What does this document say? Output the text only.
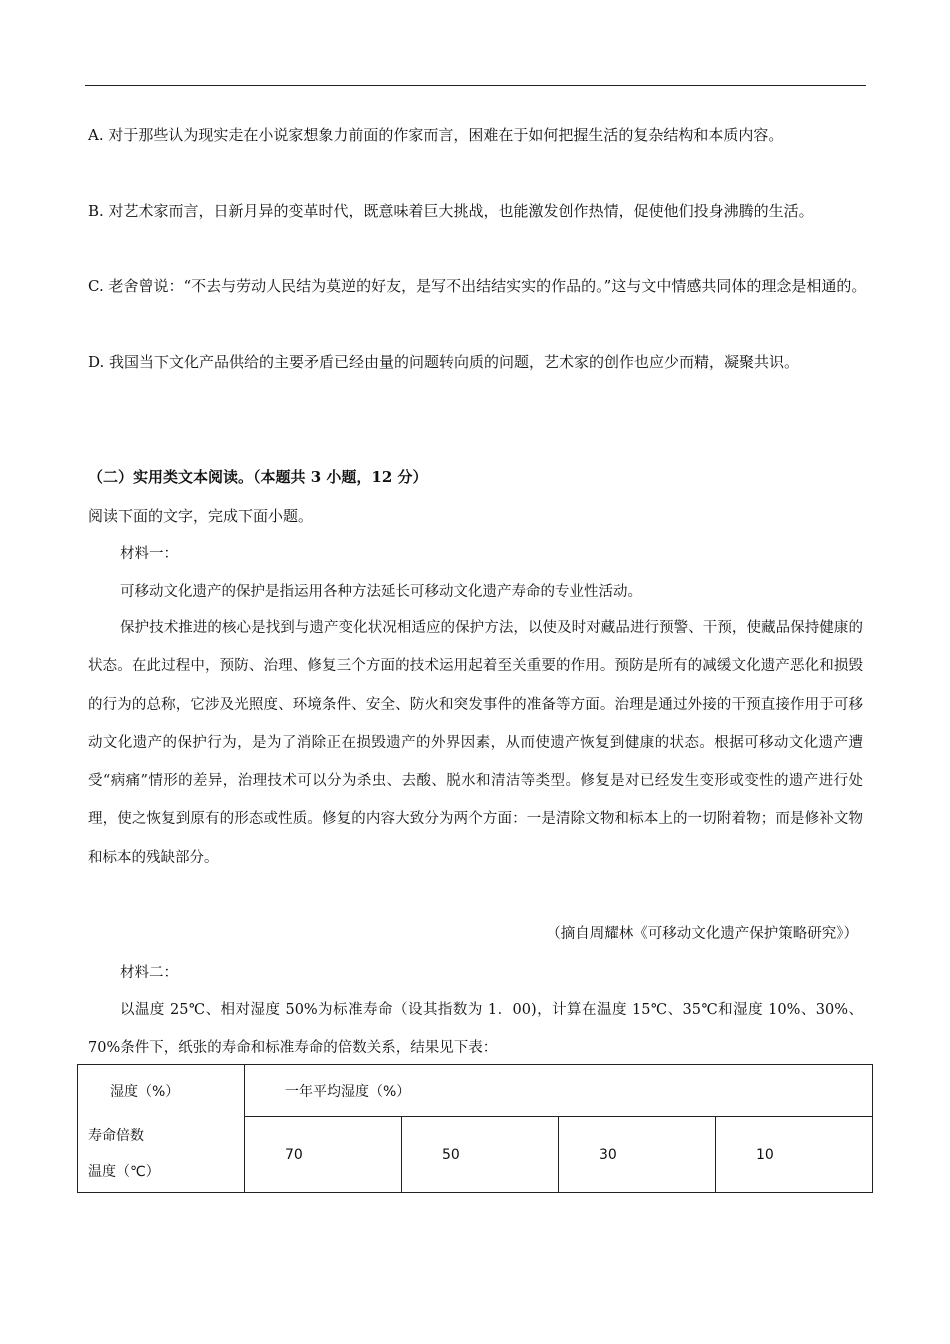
A. 对于那些认为现实走在小说家想象力前面的作家而言，困难在于如何把握生活的复杂结构和本质内容。
B. 对艺术家而言，日新月异的变革时代，既意味着巨大挑战，也能激发创作热情，促使他们投身沸腾的生活。
C. 老舍曾说：“不去与劳动人民结为莫逆的好友，是写不出结结实实的作品的。”这与文中情感共同体的理念是相通的。
D. 我国当下文化产品供给的主要矛盾已经由量的问题转向质的问题，艺术家的创作也应少而精，凝聚共识。
（二）实用类文本阅读。（本题共 3 小题，12 分）
阅读下面的文字，完成下面小题。
材料一：
可移动文化遗产的保护是指运用各种方法延长可移动文化遗产寿命的专业性活动。
保护技术推进的核心是找到与遗产变化状况相适应的保护方法，以使及时对藏品进行预警、干预，使藏品保持健康的状态。在此过程中，预防、治理、修复三个方面的技术运用起着至关重要的作用。预防是所有的减缓文化遗产恶化和损毁的行为的总称，它涉及光照度、环境条件、安全、防火和突发事件的准备等方面。治理是通过外接的干预直接作用于可移动文化遗产的保护行为，是为了消除正在损毁遗产的外界因素，从而使遗产恢复到健康的状态。根据可移动文化遗产遭受“病痛”情形的差异，治理技术可以分为杀虫、去酸、脱水和清洁等类型。修复是对已经发生变形或变性的遗产进行处理，使之恢复到原有的形态或性质。修复的内容大致分为两个方面：一是清除文物和标本上的一切附着物；而是修补文物和标本的残缺部分。
（摘自周耀林《可移动文化遗产保护策略研究》）
材料二：
以温度 25℃、相对湿度 50%为标准寿命（设其指数为 1．00)，计算在温度 15℃、35℃和湿度 10%、30%、70%条件下，纸张的寿命和标准寿命的倍数关系，结果见下表：
湿度（%）	一年平均湿度（%）			

寿命倍数
温度（℃）	70	50	30	10
